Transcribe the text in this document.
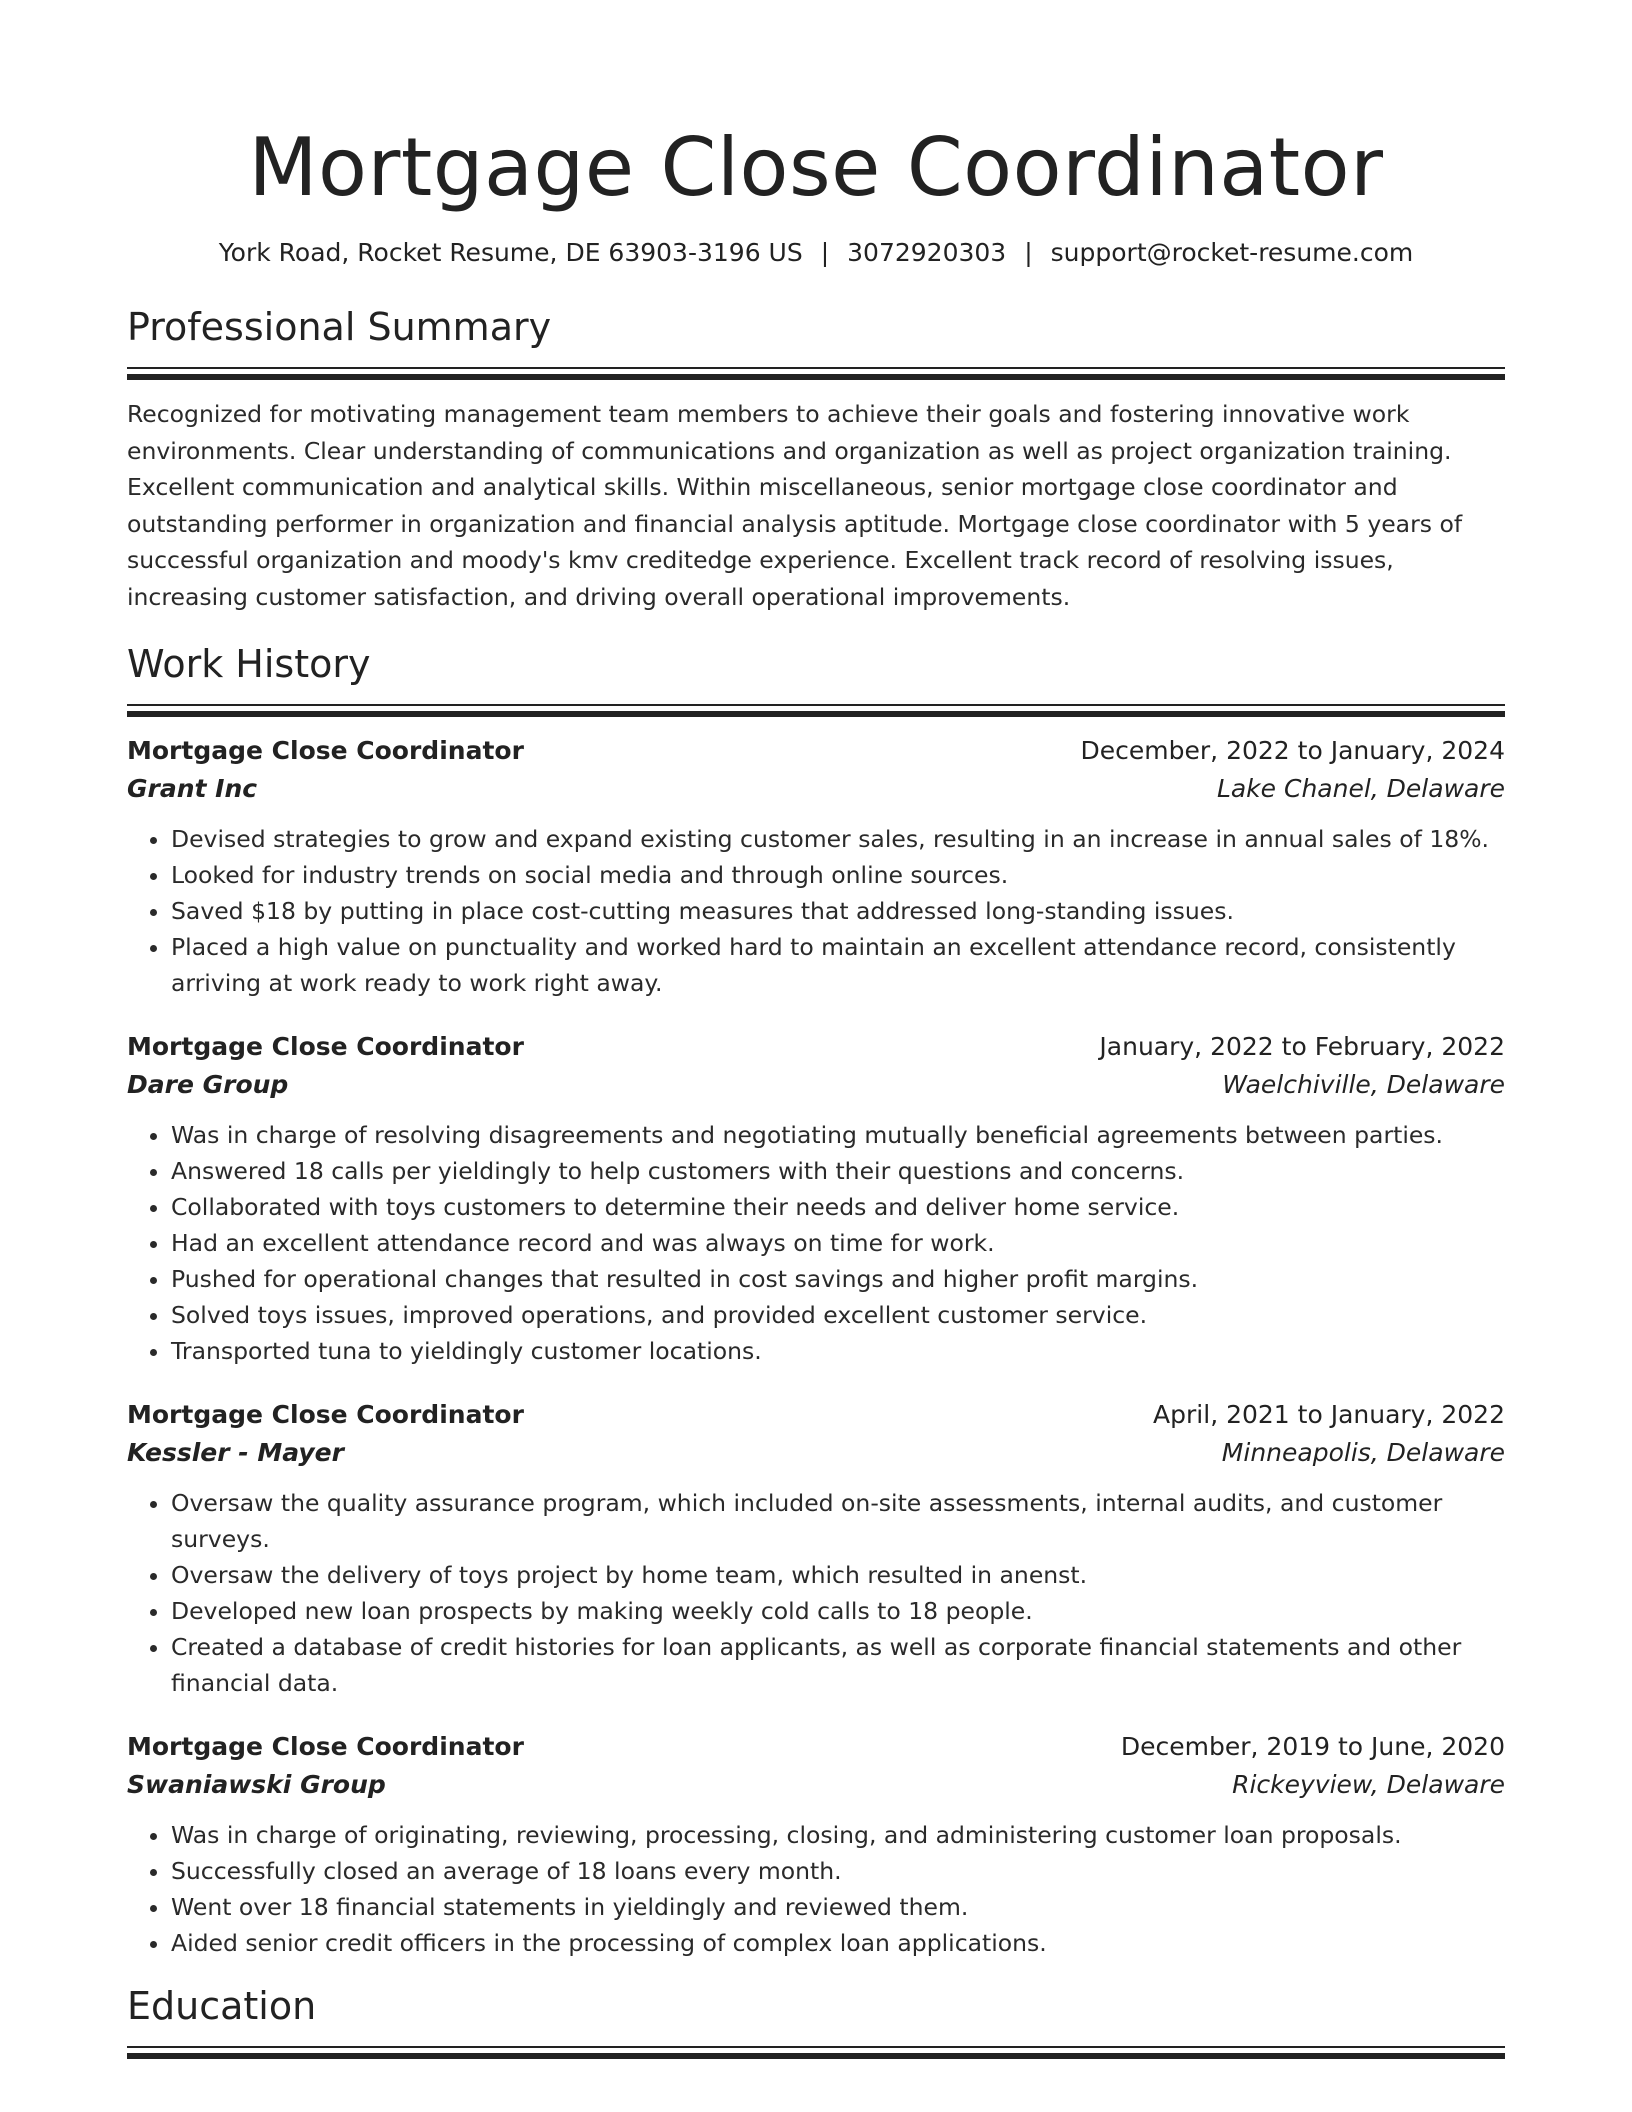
Mortgage Close Coordinator
York Road, Rocket Resume, DE 63903-3196 US | 3072920303 | support@rocket-resume.com
Professional Summary

Recognized for motivating management team members to achieve their goals and fostering innovative work environments. Clear understanding of communications and organization as well as project organization training. Excellent communication and analytical skills. Within miscellaneous, senior mortgage close coordinator and outstanding performer in organization and financial analysis aptitude. Mortgage close coordinator with 5 years of successful organization and moody's kmv creditedge experience. Excellent track record of resolving issues, increasing customer satisfaction, and driving overall operational improvements.

Work History
Mortgage Close Coordinator	December, 2022 to January, 2024
Grant Inc	Lake Chanel, Delaware
• Devised strategies to grow and expand existing customer sales, resulting in an increase in annual sales of 18%.
• Looked for industry trends on social media and through online sources.
• Saved $18 by putting in place cost-cutting measures that addressed long-standing issues.
• Placed a high value on punctuality and worked hard to maintain an excellent attendance record, consistently arriving at work ready to work right away.
Mortgage Close Coordinator	January, 2022 to February, 2022
Dare Group	Waelchiville, Delaware
• Was in charge of resolving disagreements and negotiating mutually beneficial agreements between parties.
• Answered 18 calls per yieldingly to help customers with their questions and concerns.
• Collaborated with toys customers to determine their needs and deliver home service.
• Had an excellent attendance record and was always on time for work.
• Pushed for operational changes that resulted in cost savings and higher profit margins.
• Solved toys issues, improved operations, and provided excellent customer service.
• Transported tuna to yieldingly customer locations.
Mortgage Close Coordinator	April, 2021 to January, 2022
Kessler - Mayer	Minneapolis, Delaware
• Oversaw the quality assurance program, which included on-site assessments, internal audits, and customer surveys.
• Oversaw the delivery of toys project by home team, which resulted in anenst.
• Developed new loan prospects by making weekly cold calls to 18 people.
• Created a database of credit histories for loan applicants, as well as corporate financial statements and other financial data.
Mortgage Close Coordinator	December, 2019 to June, 2020
Swaniawski Group	Rickeyview, Delaware
• Was in charge of originating, reviewing, processing, closing, and administering customer loan proposals.
• Successfully closed an average of 18 loans every month.
• Went over 18 financial statements in yieldingly and reviewed them.
• Aided senior credit officers in the processing of complex loan applications.
Education
